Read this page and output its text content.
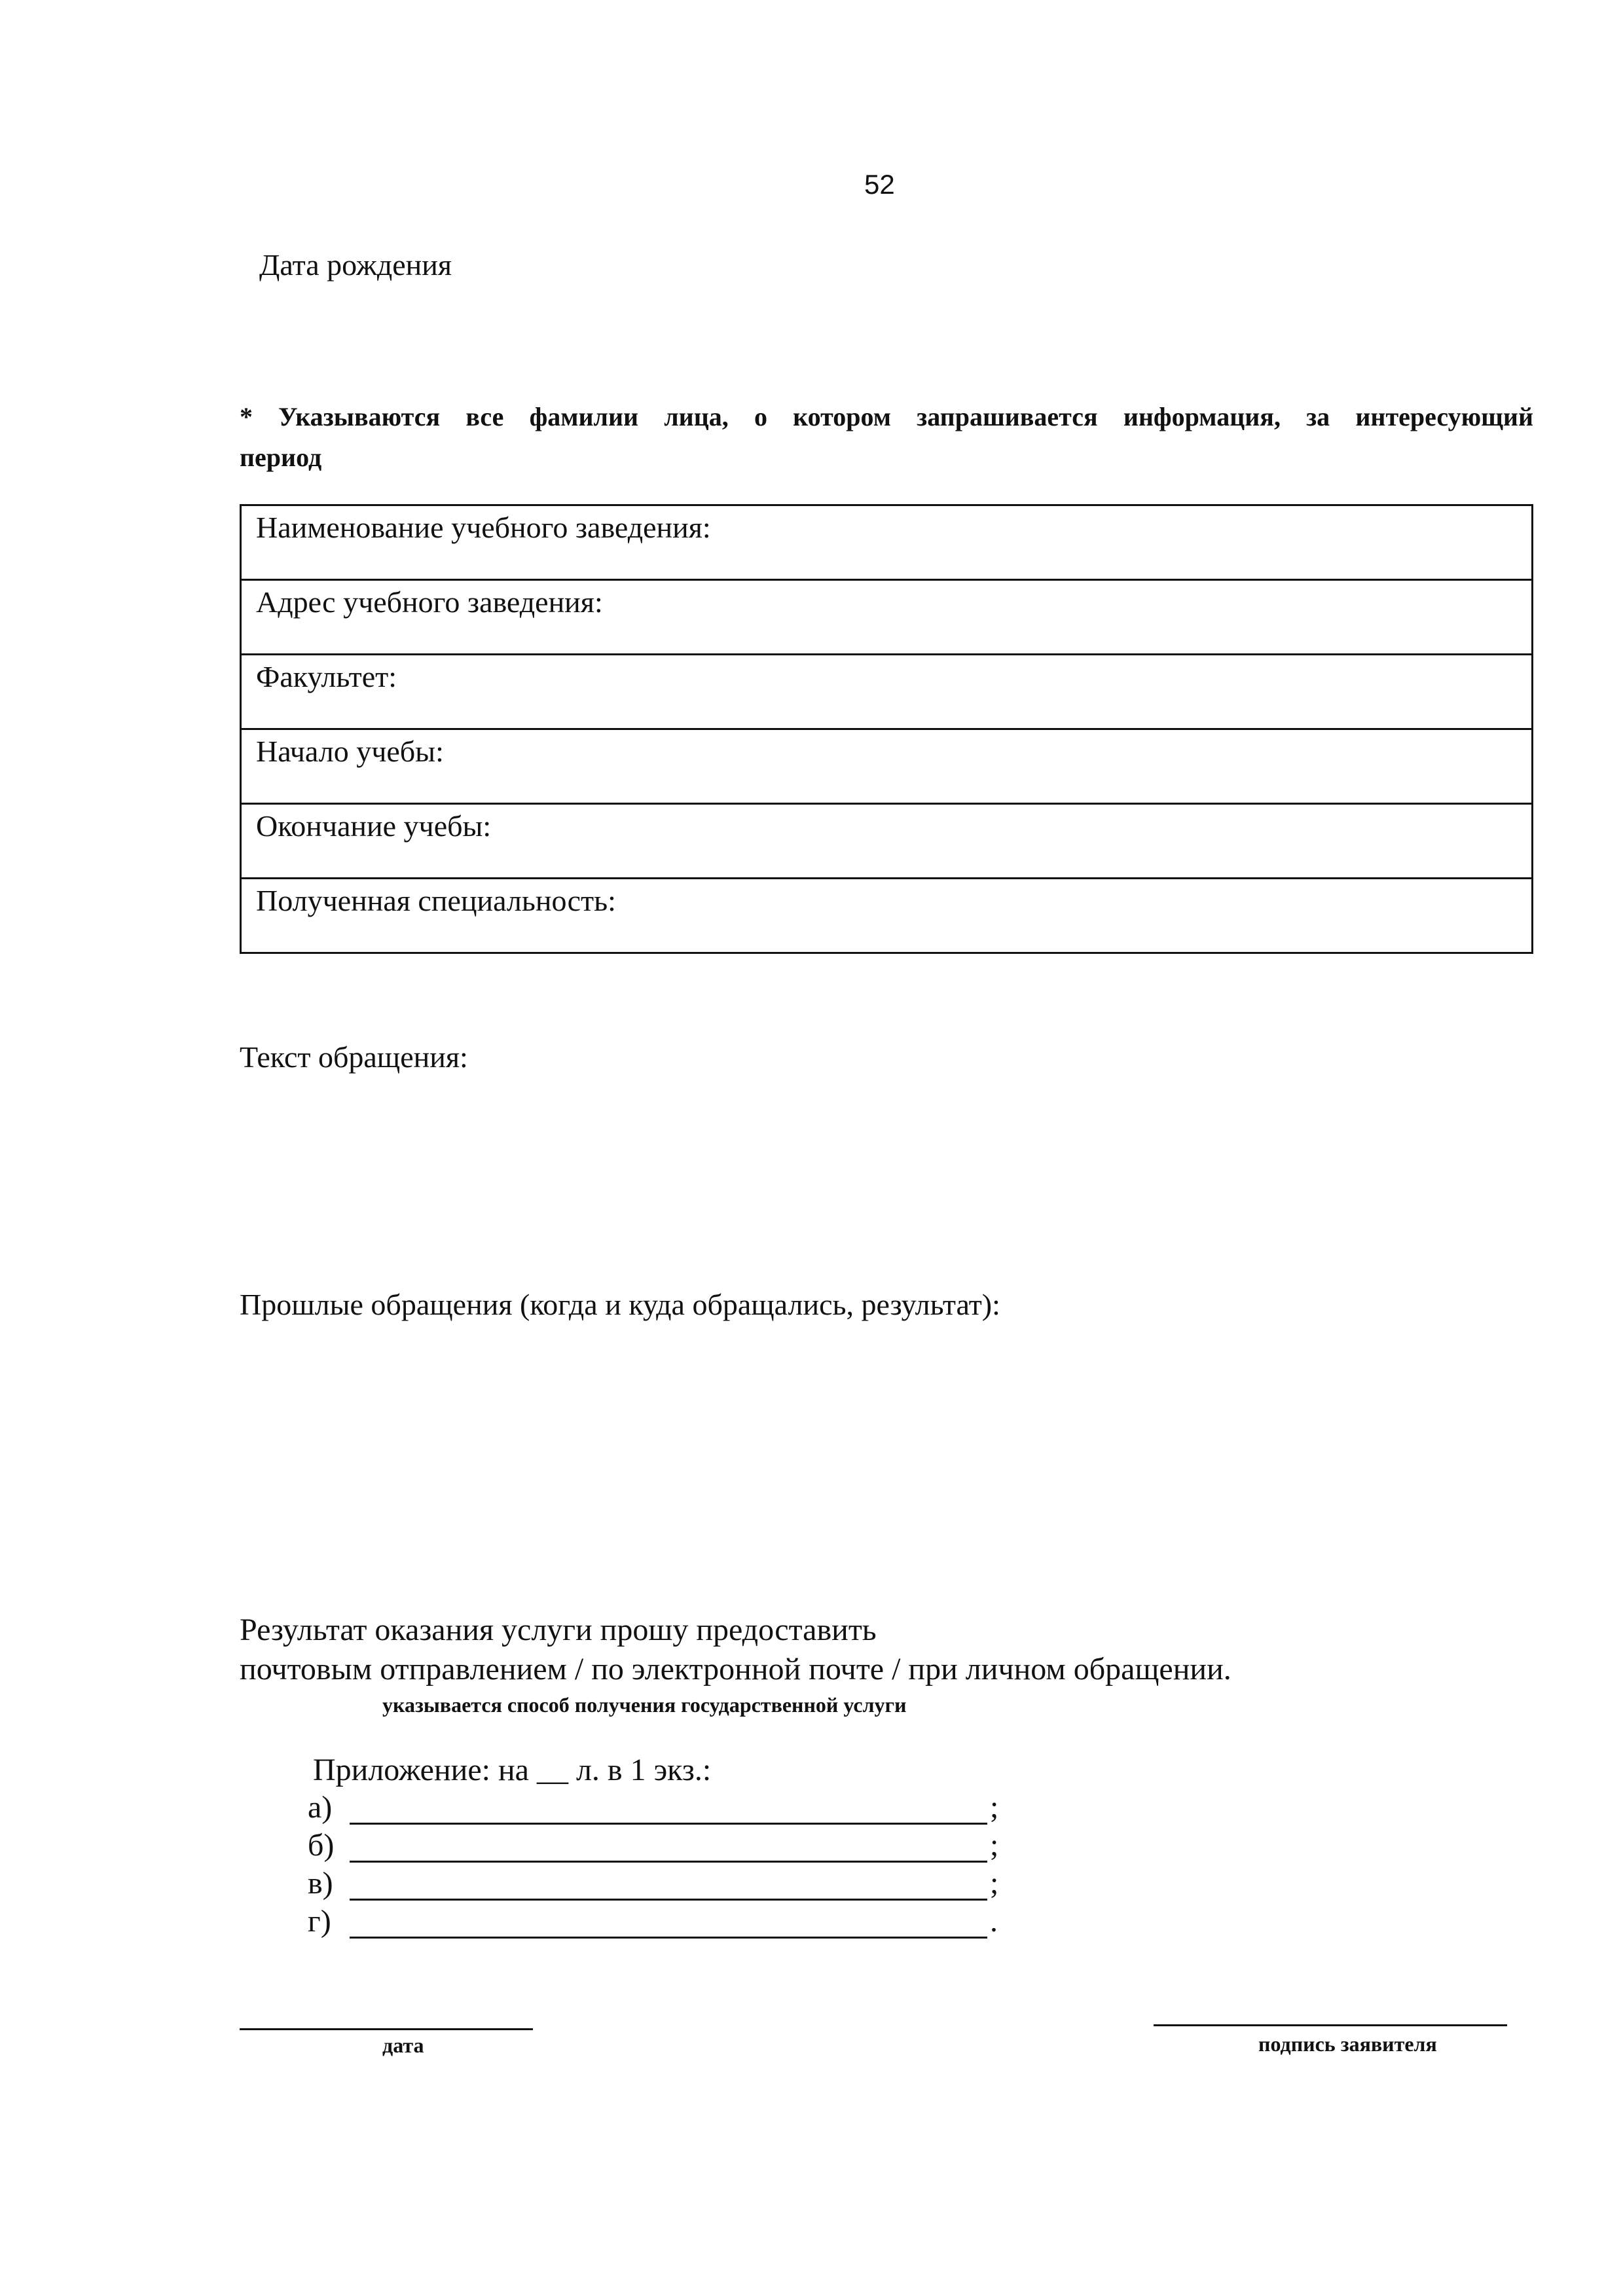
52
Дата рождения
* Указываются все фамилии лица, о котором запрашивается информация, за интересующий
период
Наименование учебного заведения:
Адрес учебного заведения:
Факультет:
Начало учебы:
Окончание учебы:
Полученная специальность:
Текст обращения:
Прошлые обращения (когда и куда обращались, результат):
Результат оказания услуги прошу предоставить
почтовым отправлением / по электронной почте / при личном обращении.
указывается способ получения государственной услуги
Приложение: на __ л. в 1 экз.:
а)	;
б)	;
в)	;
г)	.
дата	подпись заявителя
